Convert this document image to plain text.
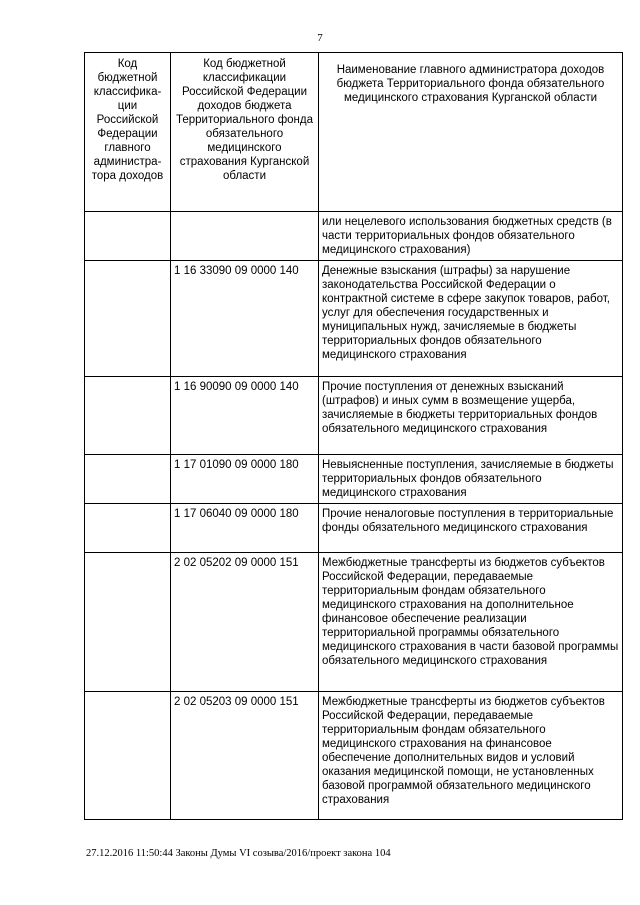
7
Код бюджетной классифика-ции Российской Федерации главного администра-тора доходов	Код бюджетной классификации Российской Федерации доходов бюджета Территориального фонда обязательного медицинского страхования Курганской области	Наименование главного администратора доходов бюджета Территориального фонда обязательного медицинского страхования Курганской области
		или нецелевого использования бюджетных средств (в части территориальных фондов обязательного медицинского страхования)
	1 16 33090 09 0000 140	Денежные взыскания (штрафы) за нарушение законодательства Российской Федерации о контрактной системе в сфере закупок товаров, работ, услуг для обеспечения государственных и муниципальных нужд, зачисляемые в бюджеты территориальных фондов обязательного медицинского страхования
	1 16 90090 09 0000 140	Прочие поступления от денежных взысканий (штрафов) и иных сумм в возмещение ущерба, зачисляемые в бюджеты территориальных фондов обязательного медицинского страхования
	1 17 01090 09 0000 180	Невыясненные поступления, зачисляемые в бюджеты территориальных фондов обязательного медицинского страхования
	1 17 06040 09 0000 180	Прочие неналоговые поступления в территориальные фонды обязательного медицинского страхования
	2 02 05202 09 0000 151	Межбюджетные трансферты из бюджетов субъектов Российской Федерации, передаваемые территориальным фондам обязательного медицинского страхования на дополнительное финансовое обеспечение реализации территориальной программы обязательного медицинского страхования в части базовой программы обязательного медицинского страхования
	2 02 05203 09 0000 151	Межбюджетные трансферты из бюджетов субъектов Российской Федерации, передаваемые территориальным фондам обязательного медицинского страхования на финансовое обеспечение дополнительных видов и условий оказания медицинской помощи, не установленных базовой программой обязательного медицинского страхования
27.12.2016 11:50:44 Законы Думы VI созыва/2016/проект закона 104
